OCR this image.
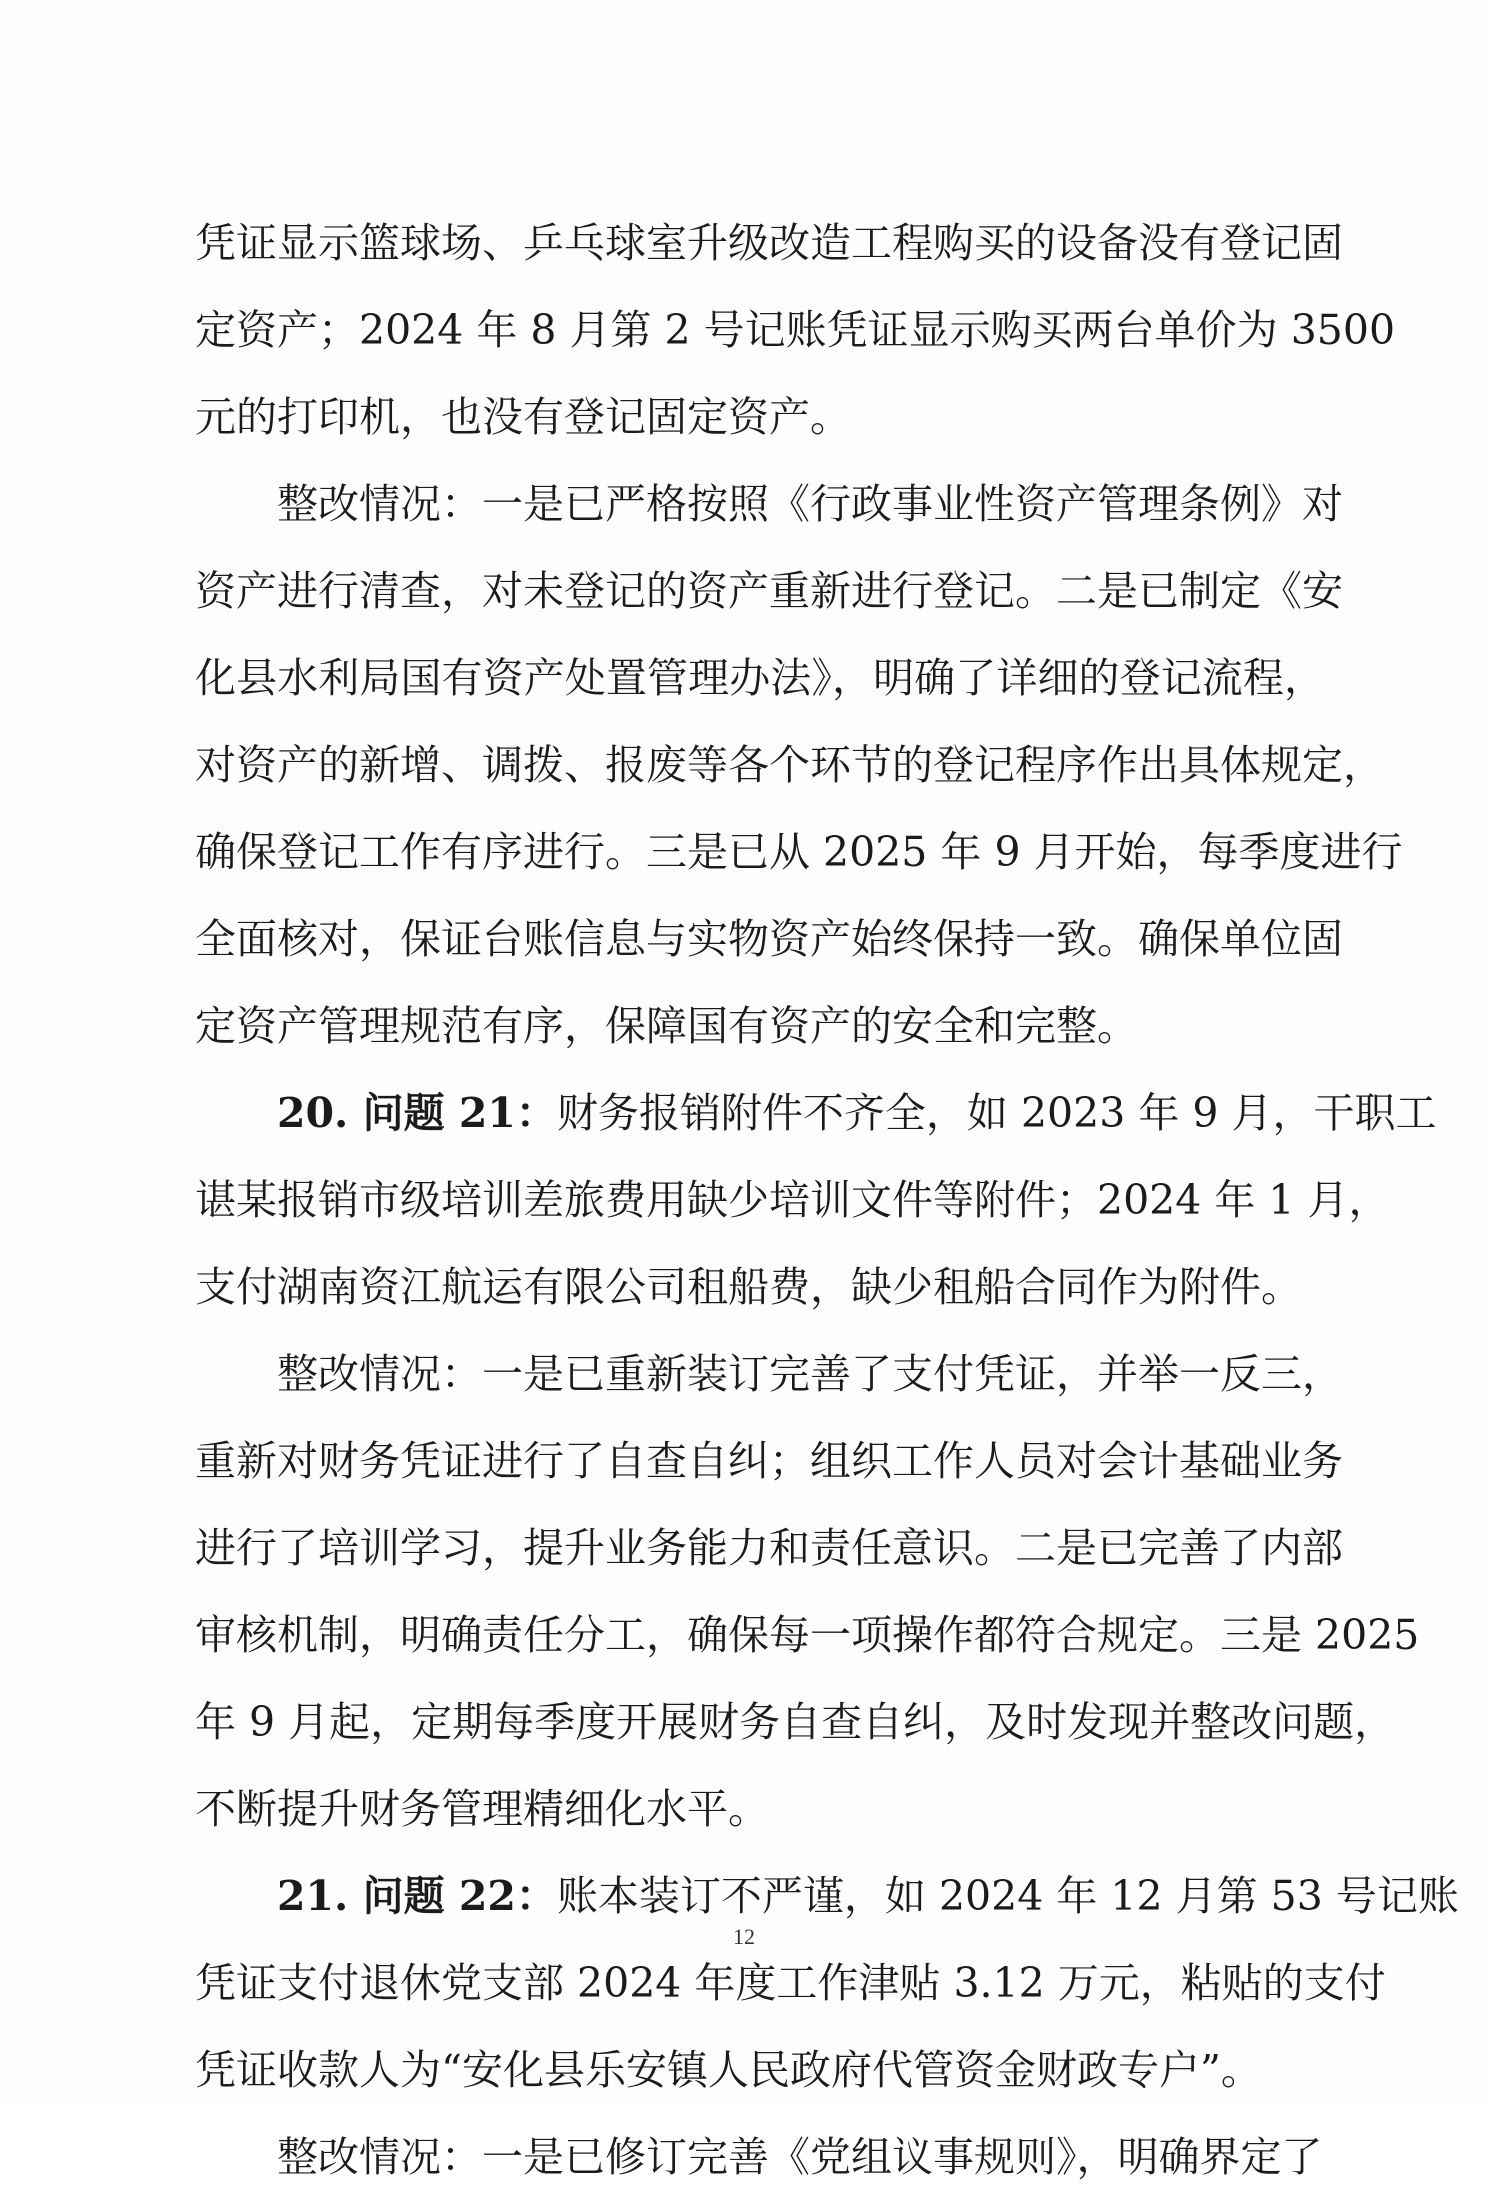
凭证显示篮球场、乒乓球室升级改造工程购买的设备没有登记固
定资产；2024 年 8 月第 2 号记账凭证显示购买两台单价为 3500
元的打印机，也没有登记固定资产。
整改情况：一是已严格按照《行政事业性资产管理条例》对
资产进行清查，对未登记的资产重新进行登记。二是已制定《安
化县水利局国有资产处置管理办法》，明确了详细的登记流程，
对资产的新增、调拨、报废等各个环节的登记程序作出具体规定，
确保登记工作有序进行。三是已从 2025 年 9 月开始，每季度进行
全面核对，保证台账信息与实物资产始终保持一致。确保单位固
定资产管理规范有序，保障国有资产的安全和完整。
20. 问题 21：财务报销附件不齐全，如 2023 年 9 月，干职工
谌某报销市级培训差旅费用缺少培训文件等附件；2024 年 1 月，
支付湖南资江航运有限公司租船费，缺少租船合同作为附件。
整改情况：一是已重新装订完善了支付凭证，并举一反三，
重新对财务凭证进行了自查自纠；组织工作人员对会计基础业务
进行了培训学习，提升业务能力和责任意识。二是已完善了内部
审核机制，明确责任分工，确保每一项操作都符合规定。三是 2025
年 9 月起，定期每季度开展财务自查自纠，及时发现并整改问题，
不断提升财务管理精细化水平。
21. 问题 22：账本装订不严谨，如 2024 年 12 月第 53 号记账
凭证支付退休党支部 2024 年度工作津贴 3.12 万元，粘贴的支付
凭证收款人为“安化县乐安镇人民政府代管资金财政专户”。
整改情况：一是已修订完善《党组议事规则》，明确界定了
12
